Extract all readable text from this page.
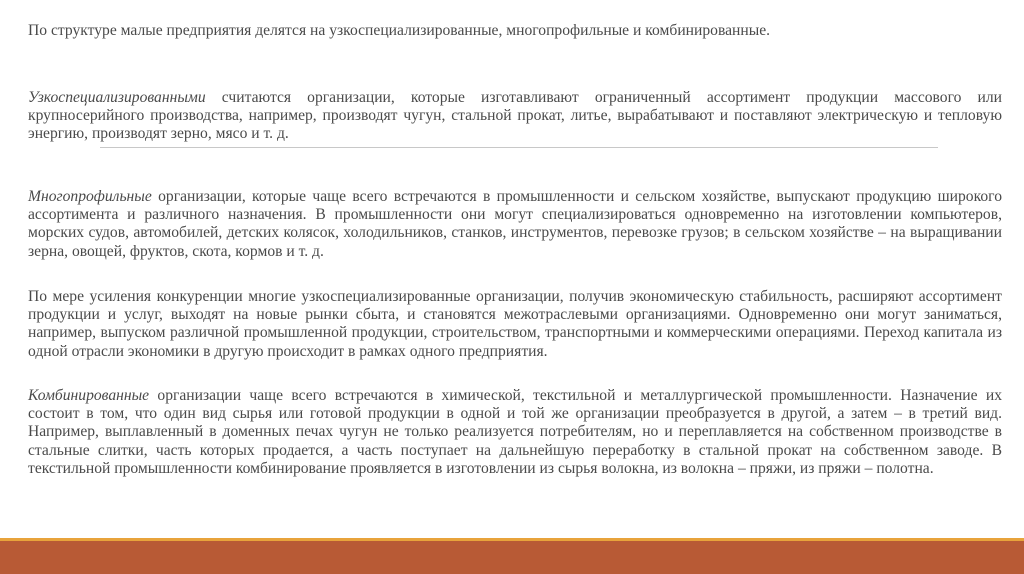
По структуре малые предприятия делятся на узкоспециализированные, многопрофильные и комбинированные.

Узкоспециализированными считаются организации, которые изготавливают ограниченный ассортимент продукции массового или крупносерийного производства, например, производят чугун, стальной прокат, литье, вырабатывают и поставляют электрическую и тепловую энергию, производят зерно, мясо и т. д.

Многопрофильные организации, которые чаще всего встречаются в промышленности и сельском хозяйстве, выпускают продукцию широкого ассортимента и различного назначения. В промышленности они могут специализироваться одновременно на изготовлении компьютеров, морских судов, автомобилей, детских колясок, холодильников, станков, инструментов, перевозке грузов; в сельском хозяйстве – на выращивании зерна, овощей, фруктов, скота, кормов и т. д.

По мере усиления конкуренции многие узкоспециализированные организации, получив экономическую стабильность, расширяют ассортимент продукции и услуг, выходят на новые рынки сбыта, и становятся межотраслевыми организациями. Одновременно они могут заниматься, например, выпуском различной промышленной продукции, строительством, транспортными и коммерческими операциями. Переход капитала из одной отрасли экономики в другую происходит в рамках одного предприятия.

Комбинированные организации чаще всего встречаются в химической, текстильной и металлургической промышленности. Назначение их состоит в том, что один вид сырья или готовой продукции в одной и той же организации преобразуется в другой, а затем – в третий вид. Например, выплавленный в доменных печах чугун не только реализуется потребителям, но и переплавляется на собственном производстве в стальные слитки, часть которых продается, а часть поступает на дальнейшую переработку в стальной прокат на собственном заводе. В текстильной промышленности комбинирование проявляется в изготовлении из сырья волокна, из волокна – пряжи, из пряжи – полотна.
